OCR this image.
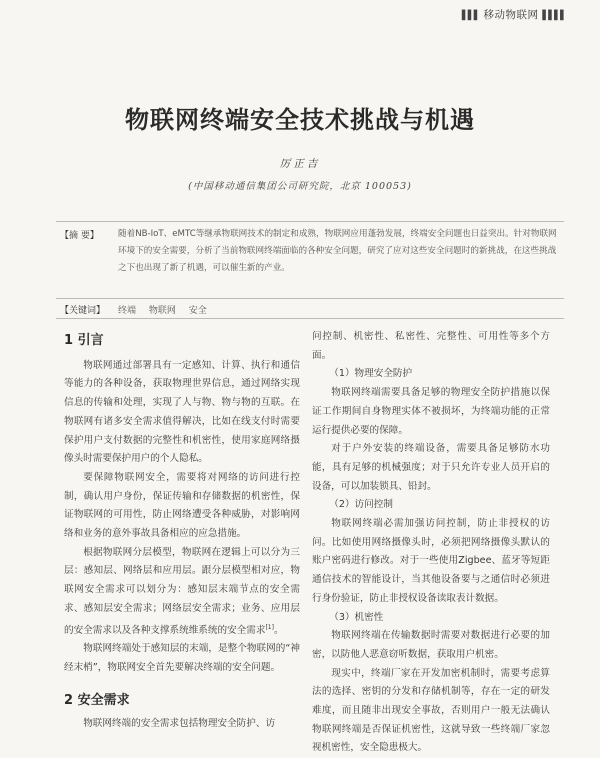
▌▌▌ 移动物联网 ▌▌▌▌
物联网终端安全技术挑战与机遇
厉正吉
(中国移动通信集团公司研究院，北京 100053)
【摘 要】 随着NB-IoT、eMTC等继承物联网技术的制定和成熟，物联网应用蓬勃发展，终端安全问题也日益突出。针对物联网环境下的安全需要，分析了当前物联网终端面临的各种安全问题，研究了应对这些安全问题时的新挑战，在这些挑战之下也出现了新了机遇，可以催生新的产业。
【关键词】 终端 物联网 安全
1 引言

物联网通过部署具有一定感知、计算、执行和通信等能力的各种设备，获取物理世界信息，通过网络实现信息的传输和处理，实现了人与物、物与物的互联。在物联网有诸多安全需求值得解决，比如在线支付时需要保护用户支付数据的完整性和机密性，使用家庭网络摄像头时需要保护用户的个人隐私。

要保障物联网安全，需要将对网络的访问进行控制，确认用户身份，保证传输和存储数据的机密性，保证物联网的可用性，防止网络遭受各种威胁，对影响网络和业务的意外事故具备相应的应急措施。

根据物联网分层模型，物联网在逻辑上可以分为三层：感知层、网络层和应用层。跟分层模型相对应，物联网安全需求可以划分为：感知层末端节点的安全需求、感知层安全需求；网络层安全需求；业务、应用层的安全需求以及各种支撑系统维系统的安全需求[1]。

物联网终端处于感知层的末端，是整个物联网的“神经末梢”，物联网安全首先要解决终端的安全问题。

2 安全需求

物联网终端的安全需求包括物理安全防护、访

问控制、机密性、私密性、完整性、可用性等多个方面。

（1）物理安全防护

物联网终端需要具备足够的物理安全防护措施以保证工作期间自身物理实体不被损坏，为终端功能的正常运行提供必要的保障。

对于户外安装的终端设备，需要具备足够防水功能，具有足够的机械强度；对于只允许专业人员开启的设备，可以加装锁具、铅封。

（2）访问控制

物联网终端必需加强访问控制，防止非授权的访问。比如使用网络摄像头时，必须把网络摄像头默认的账户密码进行修改。对于一些使用Zigbee、蓝牙等短距通信技术的智能设计，当其他设备要与之通信时必须进行身份验证，防止非授权设备读取表计数据。

（3）机密性

物联网终端在传输数据时需要对数据进行必要的加密，以防他人恶意窃听数据，获取用户机密。

现实中，终端厂家在开发加密机制时，需要考虑算法的选择、密钥的分发和存储机制等，存在一定的研发难度，而且随非出现安全事故，否则用户一般无法确认物联网终端是否保证机密性，这就导致一些终端厂家忽视机密性，安全隐患极大。
